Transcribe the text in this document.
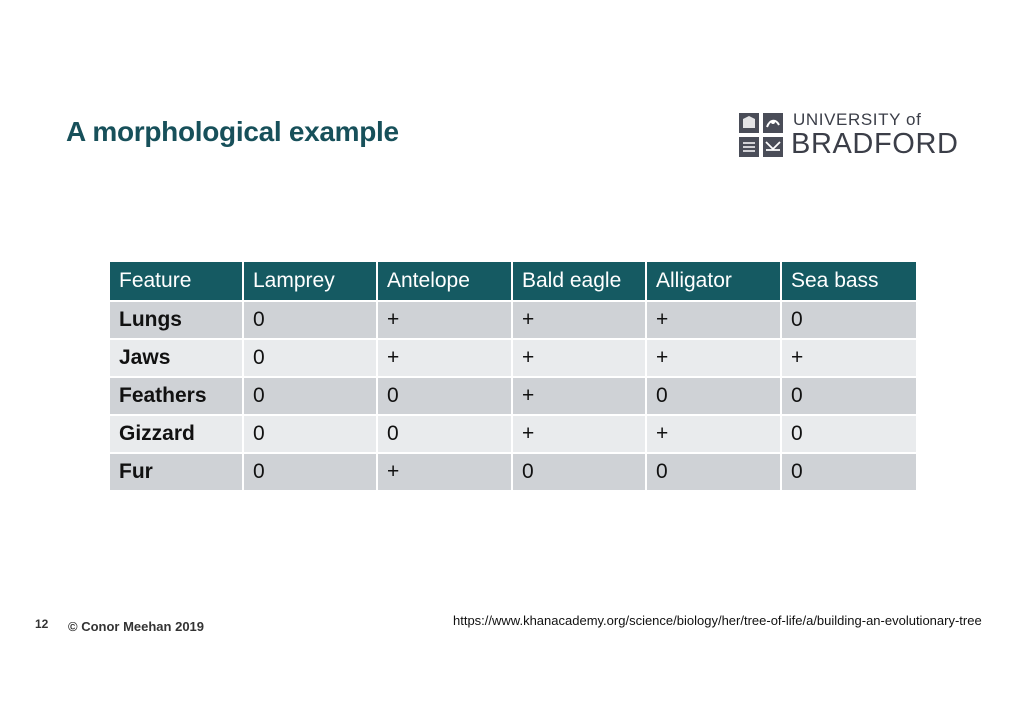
A morphological example	UNIVERSITY of
BRADFORD
Feature	Lamprey	Antelope	Bald eagle	Alligator	Sea bass
Lungs	0	+	+	+	0
Jaws	0	+	+	+	+
Feathers	0	0	+	0	0
Gizzard	0	0	+	+	0
Fur	0	+	0	0	0
12 © Conor Meehan 2019	https://www.khanacademy.org/science/biology/her/tree-of-life/a/building-an-evolutionary-tree
